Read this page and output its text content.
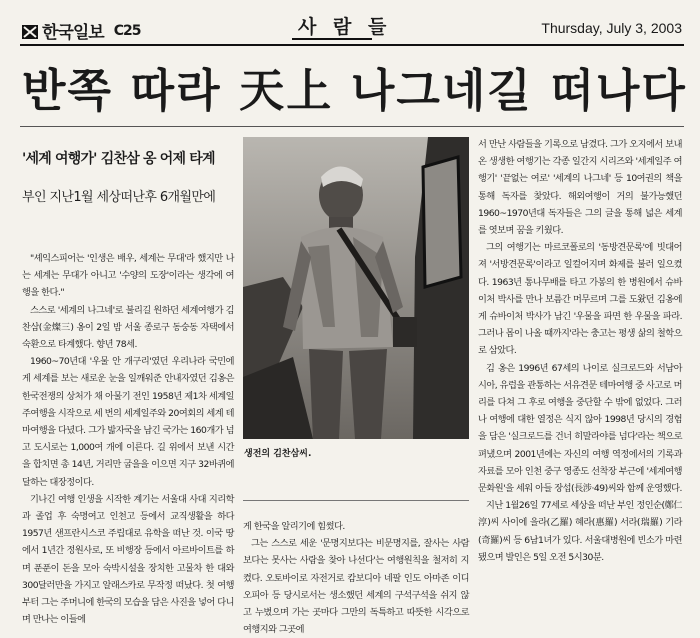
한국일보 C25	사 람 들	Thursday, July 3, 2003
반쪽 따라 天上 나그네길 떠나다
'세계 여행가' 김찬삼 옹 어제 타계
부인 지난1월 세상떠난후 6개월만에

"셰익스피어는 '인생은 배우, 세계는 무대'라 했지만 나는 세계는 무대가 아니고 '수양의 도장'이라는 생각에 여행을 한다."

스스로 '세계의 나그네'로 불리길 원하던 세계여행가 김찬삼(金燦三) 옹이 2일 밤 서울 종로구 동숭동 자택에서 숙환으로 타계했다. 향년 78세.

1960~70년대 '우물 안 개구리'였던 우리나라 국민에게 세계를 보는 새로운 눈을 일깨워준 안내자였던 김옹은 한국전쟁의 상처가 채 아물기 전인 1958년 제1차 세계일주여행을 시작으로 세 번의 세계일주와 20여회의 세계 테마여행을 다녔다. 그가 밟자국을 남긴 국가는 160개가 넘고 도시로는 1,000여 개에 이른다. 길 위에서 보낸 시간을 합치면 총 14년, 거리만 굽을을 이으면 지구 32바퀴에 달하는 대장정이다.

기나긴 여행 인생을 시작한 계기는 서울대 사대 지리학과 졸업 후 숙명여고 인천고 등에서 교직생활을 하다 1957년 샌프란시스코 주립대로 유학을 떠난 것. 이국 땅에서 1년간 정원사로, 또 비행장 등에서 아르바이트를 하며 푼푼이 돈을 모아 숙박시설을 장치한 고물차 한 대와 300달러만을 가지고 알래스카로 무작정 떠났다. 첫 여행부터 그는 주머니에 한국의 모습을 담은 사진을 넣어 다니며 만나는 이들에

생전의 김찬삼씨.

게 한국을 알리기에 힘썼다.

그는 스스로 세운 '문명지보다는 비문명지를, 잘사는 사람보다는 못사는 사람을 찾아 나선다'는 여행원칙을 철저히 지켰다. 오토바이로 자전거로 캄보디아 네팔 인도 아마존 이디오피아 등 당시로서는 생소했던 세계의 구석구석을 쉬지 않고 누볐으며 가는 곳마다 그만의 독특하고 따뜻한 시각으로 여행지와 그곳에

서 만난 사람들을 기록으로 남겼다. 그가 오지에서 보내온 생생한 여행기는 각종 일간지 시리즈와 '세계일주 여행기' '끝없는 여로' '세계의 나그네' 등 10여권의 책을 통해 독자를 찾았다. 해외여행이 거의 불가능했던 1960~1970년대 독자들은 그의 글을 통해 넓은 세계를 엿보며 꿈을 키웠다.

그의 여행기는 마르코폴로의 '동방견문록'에 빗대어져 '서방견문록'이라고 일컬어지며 화제를 불러 일으켰다. 1963년 통나무배를 타고 가봉의 한 병원에서 슈바이처 박사를 만나 보름간 머무르며 그를 도왔던 김옹에게 슈바이처 박사가 남긴 '우물을 파면 한 우물을 파라. 그러나 몹이 나올 때까지'라는 충고는 평생 삶의 철학으로 삼았다.

김 옹은 1996년 67세의 나이로 실크로드와 서남아시아, 유럽을 관통하는 서유견문 테마여행 중 사고로 머리를 다쳐 그 후로 여행을 중단할 수 밖에 없었다. 그러나 여행에 대한 열정은 식지 않아 1998년 당시의 경험을 담은 '실크로드를 건너 히말라야를 넘다'라는 책으로 펴냈으며 2001년에는 자신의 여행 역정에서의 기록과 자료를 모아 인천 중구 영종도 선착장 부근에 '세계여행문화원'을 세워 아들 장섭(長涉·49)씨와 함께 운영했다.

지난 1월26일 77세로 세상을 떠난 부인 정인순(鄭仁淳)씨 사이에 을라(乙羅) 혜라(惠羅) 서라(瑞羅) 기라(奇羅)씨 등 6남1녀가 있다. 서울대병원에 빈소가 마련됐으며 발인은 5일 오전 5시30분.
